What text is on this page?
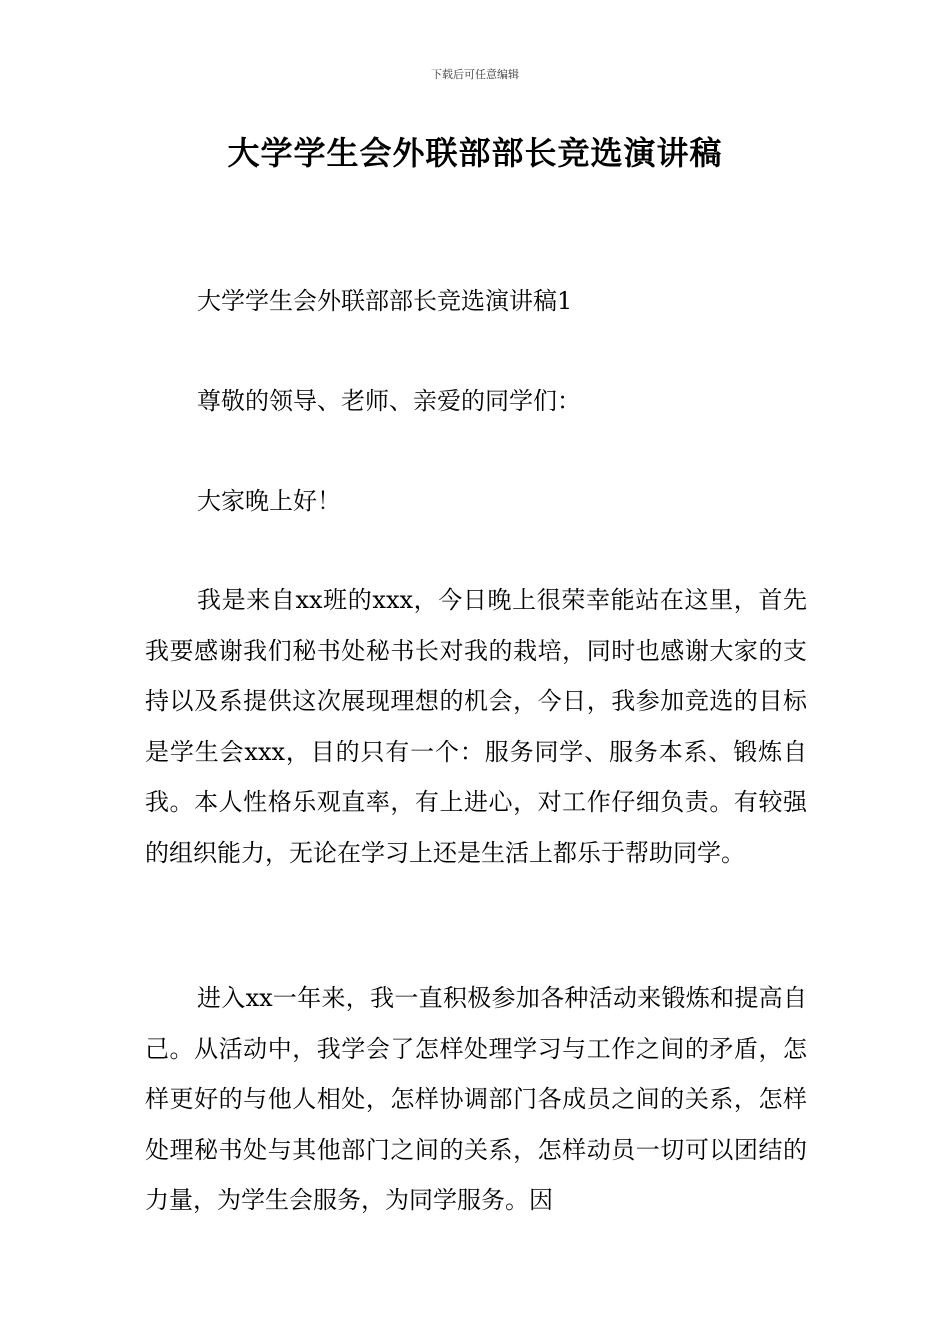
下载后可任意编辑
大学学生会外联部部长竞选演讲稿

大学学生会外联部部长竞选演讲稿1

尊敬的领导、老师、亲爱的同学们：

大家晚上好！

我是来自xx班的xxx，今日晚上很荣幸能站在这里，首先我要感谢我们秘书处秘书长对我的栽培，同时也感谢大家的支持以及系提供这次展现理想的机会，今日，我参加竞选的目标是学生会xxx，目的只有一个：服务同学、服务本系、锻炼自我。本人性格乐观直率，有上进心，对工作仔细负责。有较强的组织能力，无论在学习上还是生活上都乐于帮助同学。

进入xx一年来，我一直积极参加各种活动来锻炼和提高自己。从活动中，我学会了怎样处理学习与工作之间的矛盾，怎样更好的与他人相处，怎样协调部门各成员之间的关系，怎样处理秘书处与其他部门之间的关系，怎样动员一切可以团结的力量，为学生会服务，为同学服务。因
